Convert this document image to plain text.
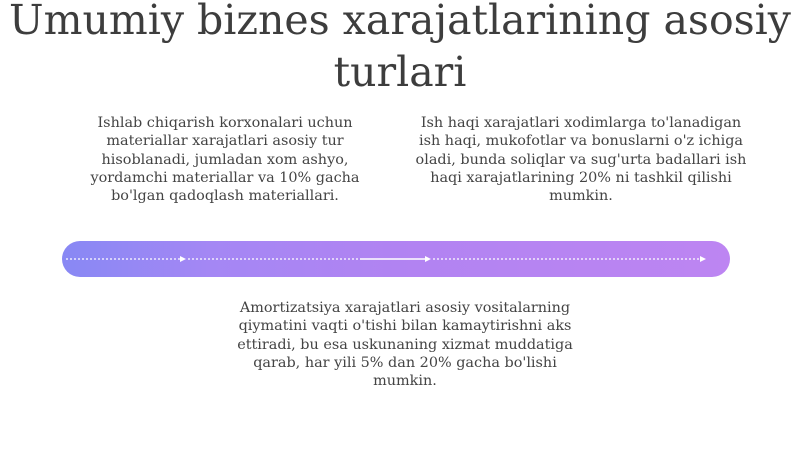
Umumiy biznes xarajatlarining asosiy turlari
Ishlab chiqarish korxonalari uchun materiallar xarajatlari asosiy tur hisoblanadi, jumladan xom ashyo, yordamchi materiallar va 10% gacha bo'lgan qadoqlash materiallari.
Ish haqi xarajatlari xodimlarga to'lanadigan ish haqi, mukofotlar va bonuslarni o'z ichiga oladi, bunda soliqlar va sug'urta badallari ish haqi xarajatlarining 20% ni tashkil qilishi mumkin.
Amortizatsiya xarajatlari asosiy vositalarning qiymatini vaqti o'tishi bilan kamaytirishni aks ettiradi, bu esa uskunaning xizmat muddatiga qarab, har yili 5% dan 20% gacha bo'lishi mumkin.
